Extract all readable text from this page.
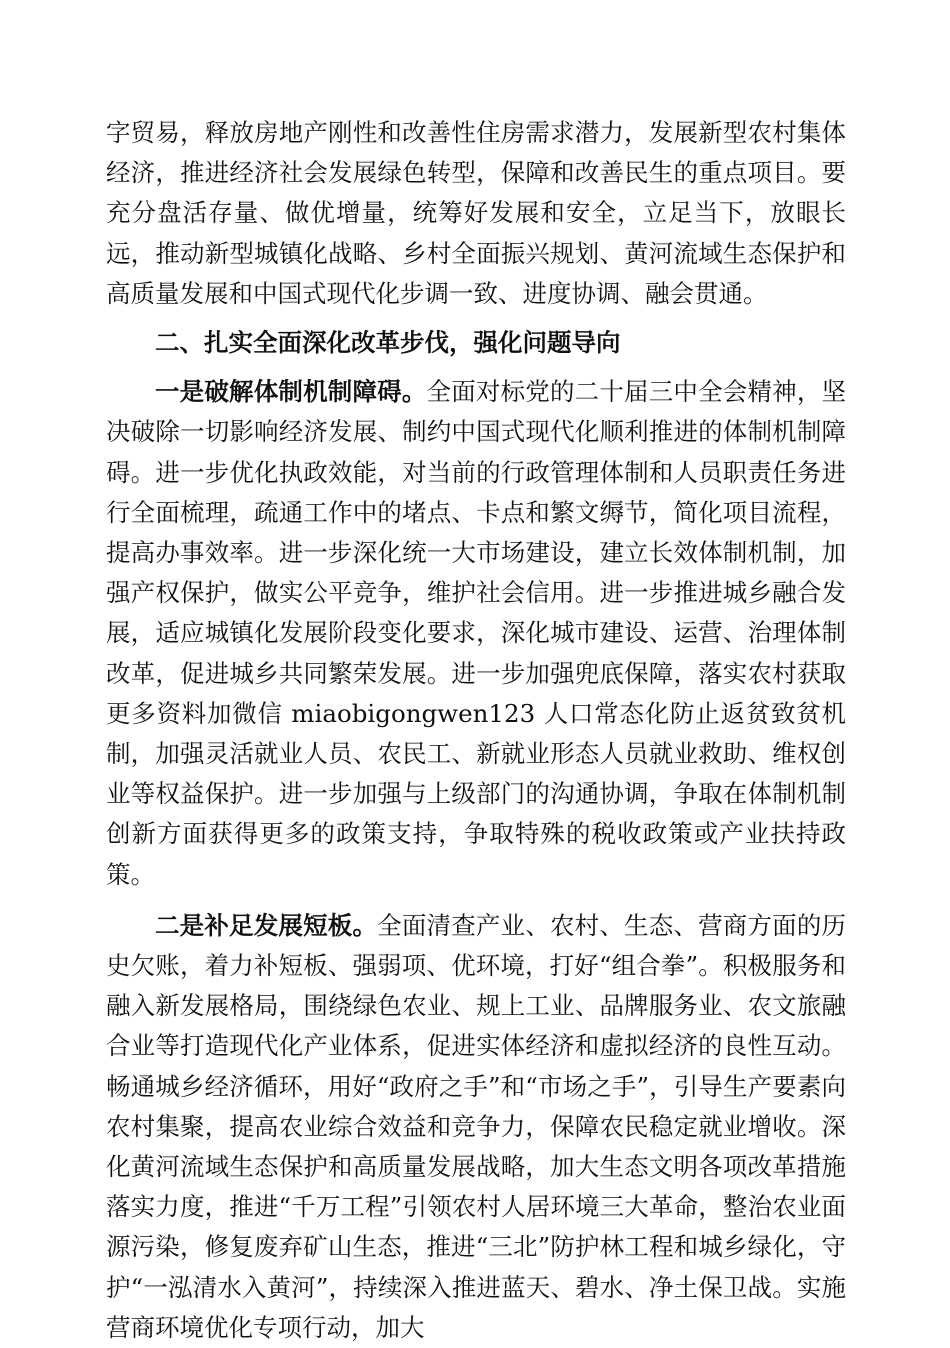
字贸易，释放房地产刚性和改善性住房需求潜力，发展新型农村集体经济，推进经济社会发展绿色转型，保障和改善民生的重点项目。要充分盘活存量、做优增量，统筹好发展和安全，立足当下，放眼长远，推动新型城镇化战略、乡村全面振兴规划、黄河流域生态保护和高质量发展和中国式现代化步调一致、进度协调、融会贯通。

二、扎实全面深化改革步伐，强化问题导向

一是破解体制机制障碍。全面对标党的二十届三中全会精神，坚决破除一切影响经济发展、制约中国式现代化顺利推进的体制机制障碍。进一步优化执政效能，对当前的行政管理体制和人员职责任务进行全面梳理，疏通工作中的堵点、卡点和繁文缛节，简化项目流程，提高办事效率。进一步深化统一大市场建设，建立长效体制机制，加强产权保护，做实公平竞争，维护社会信用。进一步推进城乡融合发展，适应城镇化发展阶段变化要求，深化城市建设、运营、治理体制改革，促进城乡共同繁荣发展。进一步加强兜底保障，落实农村获取更多资料加微信 miaobigongwen123 人口常态化防止返贫致贫机制，加强灵活就业人员、农民工、新就业形态人员就业救助、维权创业等权益保护。进一步加强与上级部门的沟通协调，争取在体制机制创新方面获得更多的政策支持，争取特殊的税收政策或产业扶持政策。

二是补足发展短板。全面清查产业、农村、生态、营商方面的历史欠账，着力补短板、强弱项、优环境，打好“组合拳”。积极服务和融入新发展格局，围绕绿色农业、规上工业、品牌服务业、农文旅融合业等打造现代化产业体系，促进实体经济和虚拟经济的良性互动。畅通城乡经济循环，用好“政府之手”和“市场之手”，引导生产要素向农村集聚，提高农业综合效益和竞争力，保障农民稳定就业增收。深化黄河流域生态保护和高质量发展战略，加大生态文明各项改革措施落实力度，推进“千万工程”引领农村人居环境三大革命，整治农业面源污染，修复废弃矿山生态，推进“三北”防护林工程和城乡绿化，守护“一泓清水入黄河”，持续深入推进蓝天、碧水、净土保卫战。实施营商环境优化专项行动，加大
